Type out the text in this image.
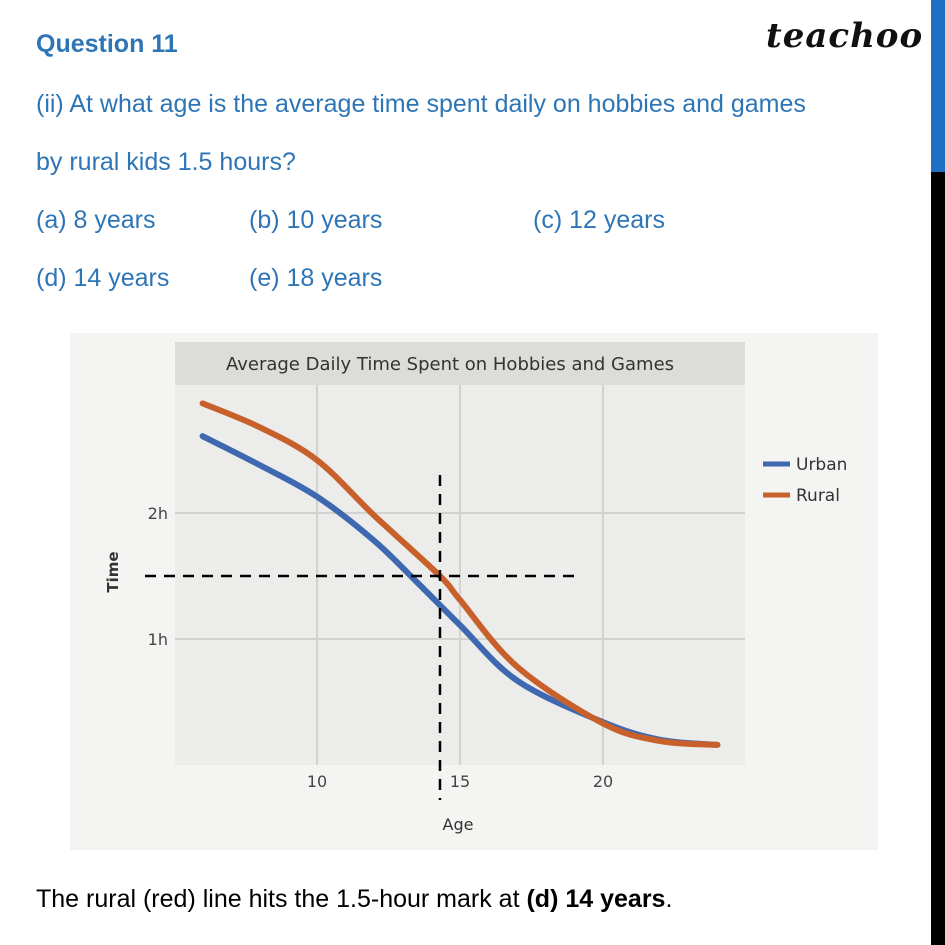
Question 11	teachoo
(ii) At what age is the average time spent daily on hobbies and games
by rural kids 1.5 hours?
(a) 8 years	(b) 10 years	(c) 12 years
(d) 14 years	(e) 18 years
Average Daily Time Spent on Hobbies and Games
10	15	20
1h
2h
Age
Time
Urban
Rural
The rural (red) line hits the 1.5-hour mark at (d) 14 years.
